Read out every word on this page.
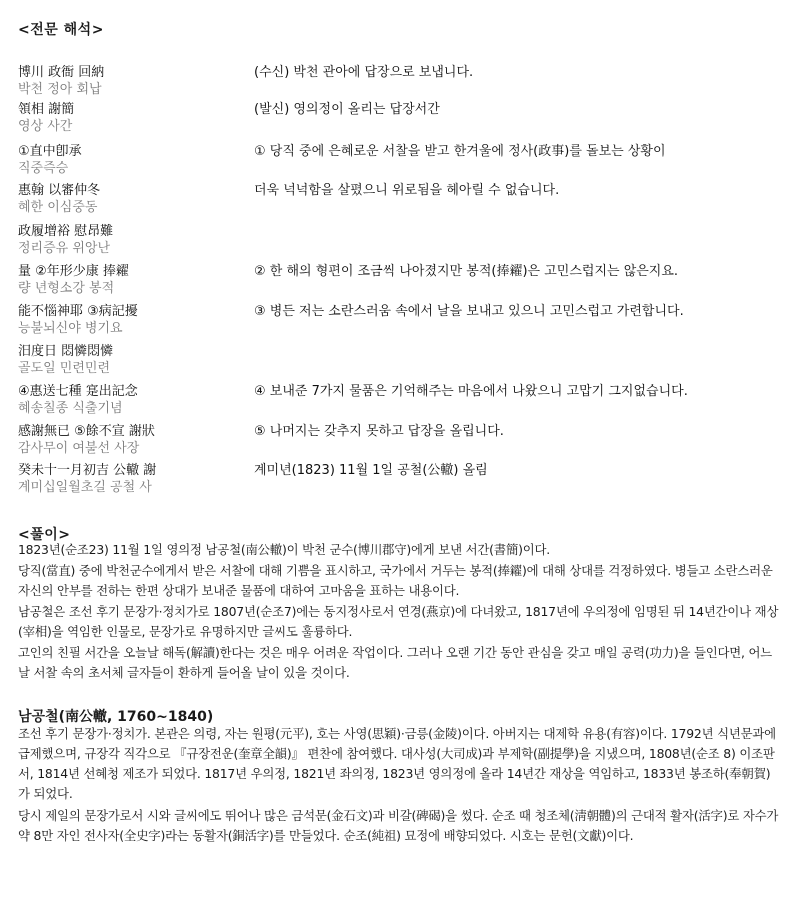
<전문 해석>
博川 政衙 回納
박천 정아 회납
(수신) 박천 관아에 답장으로 보냅니다.
領相 謝簡
영상 사간
(발신) 영의정이 올리는 답장서간
①直中卽承
직중즉승
① 당직 중에 은혜로운 서찰을 받고 한겨울에 정사(政事)를 돌보는 상황이
惠翰 以審仲冬
혜한 이심중동
더욱 넉넉함을 살폈으니 위로됨을 헤아릴 수 없습니다.
政履增裕 慰昂難
정리증유 위앙난
量 ②年形少康 捧糴
량 년형소강 봉적
② 한 해의 형편이 조금씩 나아졌지만 봉적(捧糴)은 고민스럽지는 않은지요.
能不惱神耶 ③病記擾
능불뇌신야 병기요
③ 병든 저는 소란스러움 속에서 날을 보내고 있으니 고민스럽고 가련합니다.
汨度日 悶憐悶憐
골도일 민련민련
④惠送七種 寔出記念
혜송칠종 식출기념
④ 보내준 7가지 물품은 기억해주는 마음에서 나왔으니 고맙기 그지없습니다.
感謝無已 ⑤餘不宣 謝狀
감사무이 여불선 사장
⑤ 나머지는 갖추지 못하고 답장을 올립니다.
癸未十一月初吉 公轍 謝
계미십일월초길 공철 사
계미년(1823) 11월 1일 공철(公轍) 올림
<풀이>

1823년(순조23) 11월 1일 영의정 남공철(南公轍)이 박천 군수(博川郡守)에게 보낸 서간(書簡)이다.

당직(當直) 중에 박천군수에게서 받은 서찰에 대해 기쁨을 표시하고, 국가에서 거두는 봉적(捧糴)에 대해 상대를 걱정하였다. 병들고 소란스러운 자신의 안부를 전하는 한편 상대가 보내준 물품에 대하여 고마움을 표하는 내용이다.

남공철은 조선 후기 문장가·정치가로 1807년(순조7)에는 동지정사로서 연경(燕京)에 다녀왔고, 1817년에 우의정에 임명된 뒤 14년간이나 재상(宰相)을 역임한 인물로, 문장가로 유명하지만 글씨도 훌륭하다.

고인의 친필 서간을 오늘날 해독(解讀)한다는 것은 매우 어려운 작업이다. 그러나 오랜 기간 동안 관심을 갖고 매일 공력(功力)을 들인다면, 어느 날 서찰 속의 초서체 글자들이 환하게 들어올 날이 있을 것이다.

남공철(南公轍, 1760~1840)

조선 후기 문장가·정치가. 본관은 의령, 자는 원평(元平), 호는 사영(思穎)·금릉(金陵)이다. 아버지는 대제학 유용(有容)이다. 1792년 식년문과에 급제했으며, 규장각 직각으로 『규장전운(奎章全韻)』 편찬에 참여했다. 대사성(大司成)과 부제학(副提學)을 지냈으며, 1808년(순조 8) 이조판서, 1814년 선혜청 제조가 되었다. 1817년 우의정, 1821년 좌의정, 1823년 영의정에 올라 14년간 재상을 역임하고, 1833년 봉조하(奉朝賀)가 되었다.

당시 제일의 문장가로서 시와 글씨에도 뛰어나 많은 금석문(金石文)과 비갈(碑碣)을 썼다. 순조 때 청조체(淸朝體)의 근대적 활자(活字)로 자수가 약 8만 자인 전사자(全史字)라는 동활자(銅活字)를 만들었다. 순조(純祖) 묘정에 배향되었다. 시호는 문헌(文獻)이다.
